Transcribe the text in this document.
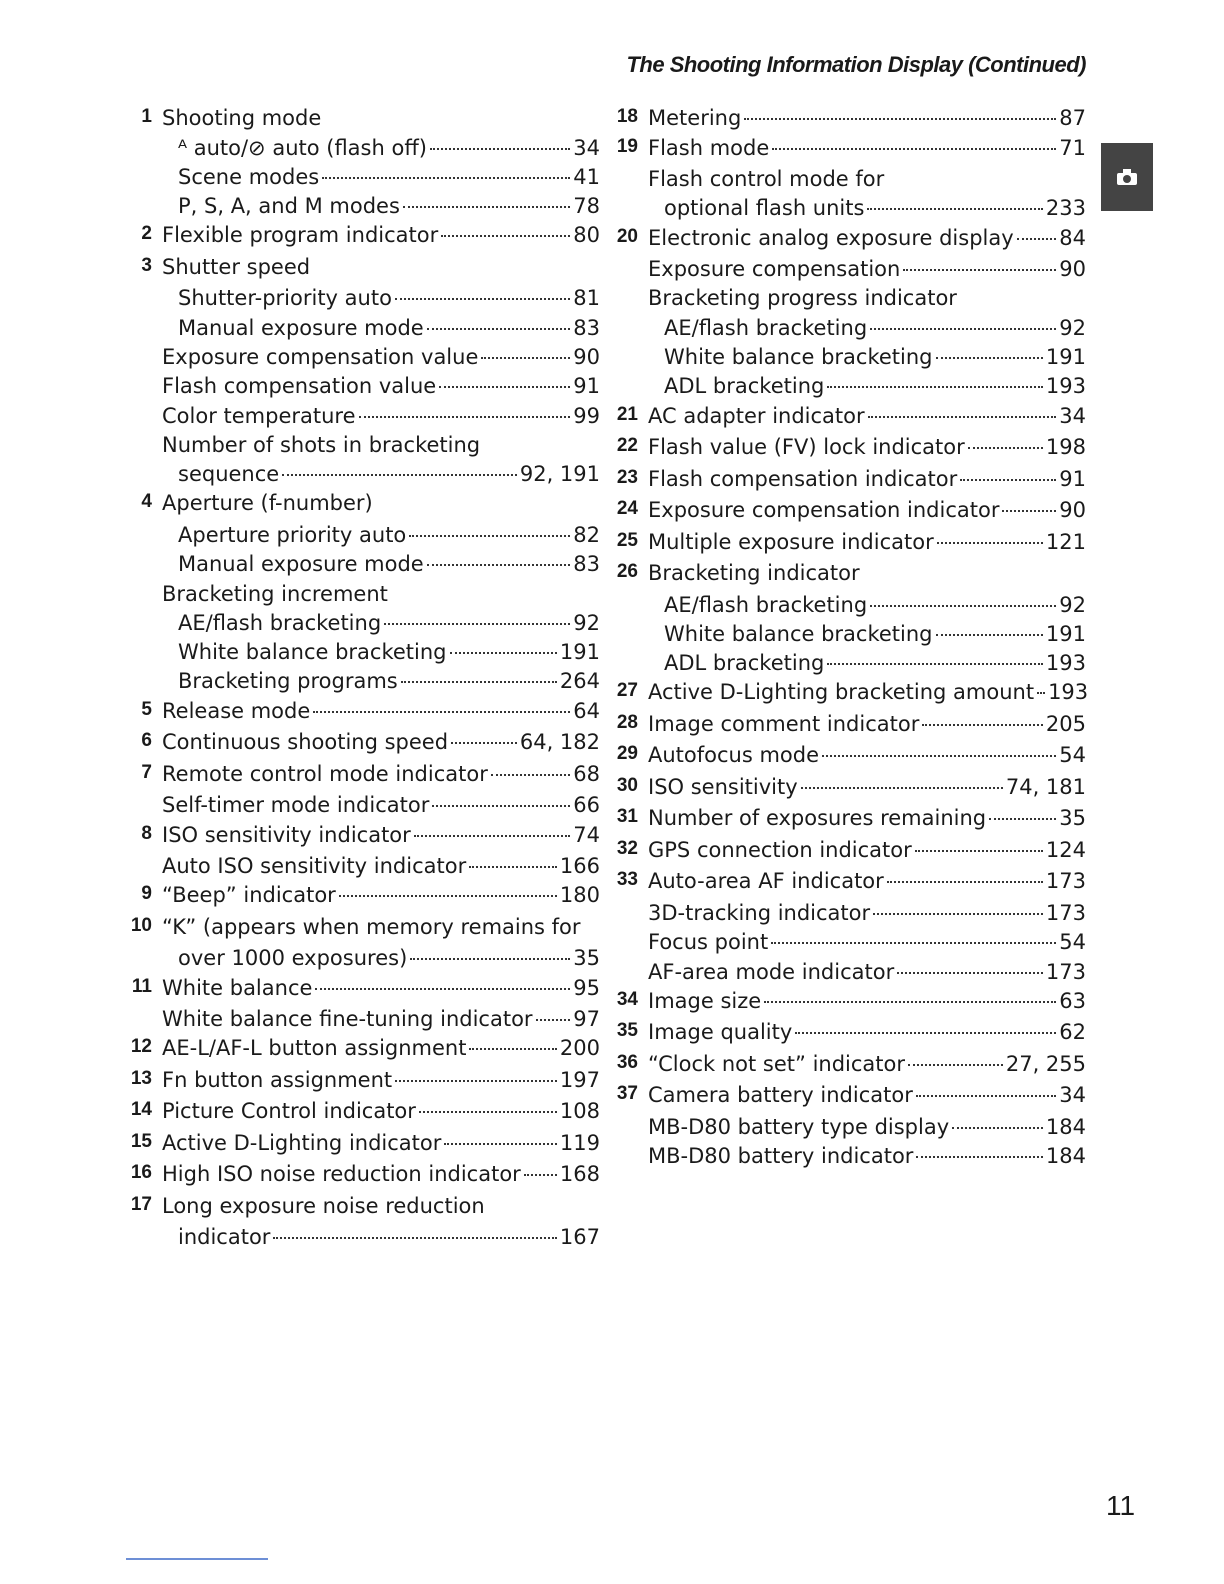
The Shooting Information Display (Continued)
1 Shooting mode
ᴬ auto/⊘ auto (flash off)	34
Scene modes	41
P, S, A, and M modes	78
2 Flexible program indicator	80
3 Shutter speed
Shutter-priority auto	81
Manual exposure mode	83
Exposure compensation value	90
Flash compensation value	91
Color temperature	99
Number of shots in bracketing
sequence	92, 191
4 Aperture (f-number)
Aperture priority auto	82
Manual exposure mode	83
Bracketing increment
AE/flash bracketing	92
White balance bracketing	191
Bracketing programs	264
5 Release mode	64
6 Continuous shooting speed	64, 182
7 Remote control mode indicator	68
Self-timer mode indicator	66
8 ISO sensitivity indicator	74
Auto ISO sensitivity indicator	166
9 “Beep” indicator	180
10 “K” (appears when memory remains for
over 1000 exposures)	35
11 White balance	95
White balance fine-tuning indicator 97
12 AE-L/AF-L button assignment	200
13 Fn button assignment	197
14 Picture Control indicator	108
15 Active D-Lighting indicator	119
16 High ISO noise reduction indicator 168
17 Long exposure noise reduction
indicator	167
18 Metering	87
19 Flash mode	71
Flash control mode for
optional flash units	233
20 Electronic analog exposure display 84
Exposure compensation	90
Bracketing progress indicator
AE/flash bracketing	92
White balance bracketing	191
ADL bracketing	193
21 AC adapter indicator	34
22 Flash value (FV) lock indicator	198
23 Flash compensation indicator	91
24 Exposure compensation indicator	90
25 Multiple exposure indicator	121
26 Bracketing indicator
AE/flash bracketing	92
White balance bracketing	191
ADL bracketing	193
27 Active D-Lighting bracketing amount 193
28 Image comment indicator	205
29 Autofocus mode	54
30 ISO sensitivity	74, 181
31 Number of exposures remaining	35
32 GPS connection indicator	124
33 Auto-area AF indicator	173
3D-tracking indicator	173
Focus point	54
AF-area mode indicator	173
34 Image size	63
35 Image quality	62
36 “Clock not set” indicator	27, 255
37 Camera battery indicator	34
MB-D80 battery type display	184
MB-D80 battery indicator	184
11
